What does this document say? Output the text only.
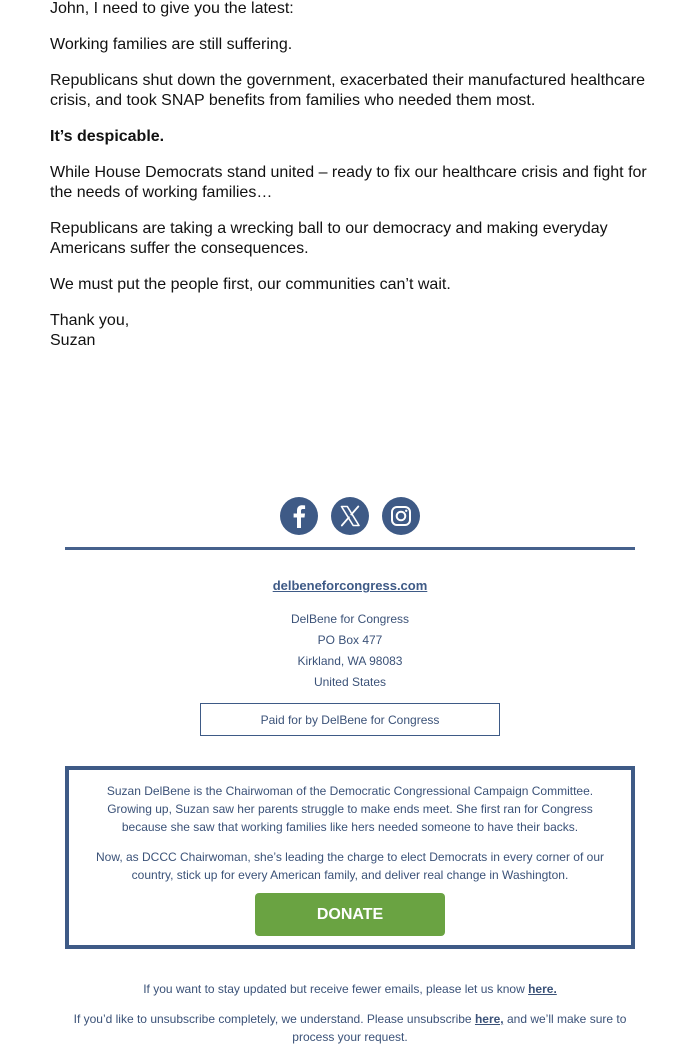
John, I need to give you the latest:

Working families are still suffering.

Republicans shut down the government, exacerbated their manufactured healthcare crisis, and took SNAP benefits from families who needed them most.

It’s despicable.

While House Democrats stand united – ready to fix our healthcare crisis and fight for the needs of working families…

Republicans are taking a wrecking ball to our democracy and making everyday Americans suffer the consequences.

We must put the people first, our communities can’t wait.

Thank you,
Suzan

delbeneforcongress.com
DelBene for Congress
PO Box 477
Kirkland, WA 98083
United States
Paid for by DelBene for Congress

Suzan DelBene is the Chairwoman of the Democratic Congressional Campaign Committee. Growing up, Suzan saw her parents struggle to make ends meet. She first ran for Congress because she saw that working families like hers needed someone to have their backs.

Now, as DCCC Chairwoman, she’s leading the charge to elect Democrats in every corner of our country, stick up for every American family, and deliver real change in Washington.

DONATE

If you want to stay updated but receive fewer emails, please let us know here.

If you’d like to unsubscribe completely, we understand. Please unsubscribe here, and we’ll make sure to process your request.
